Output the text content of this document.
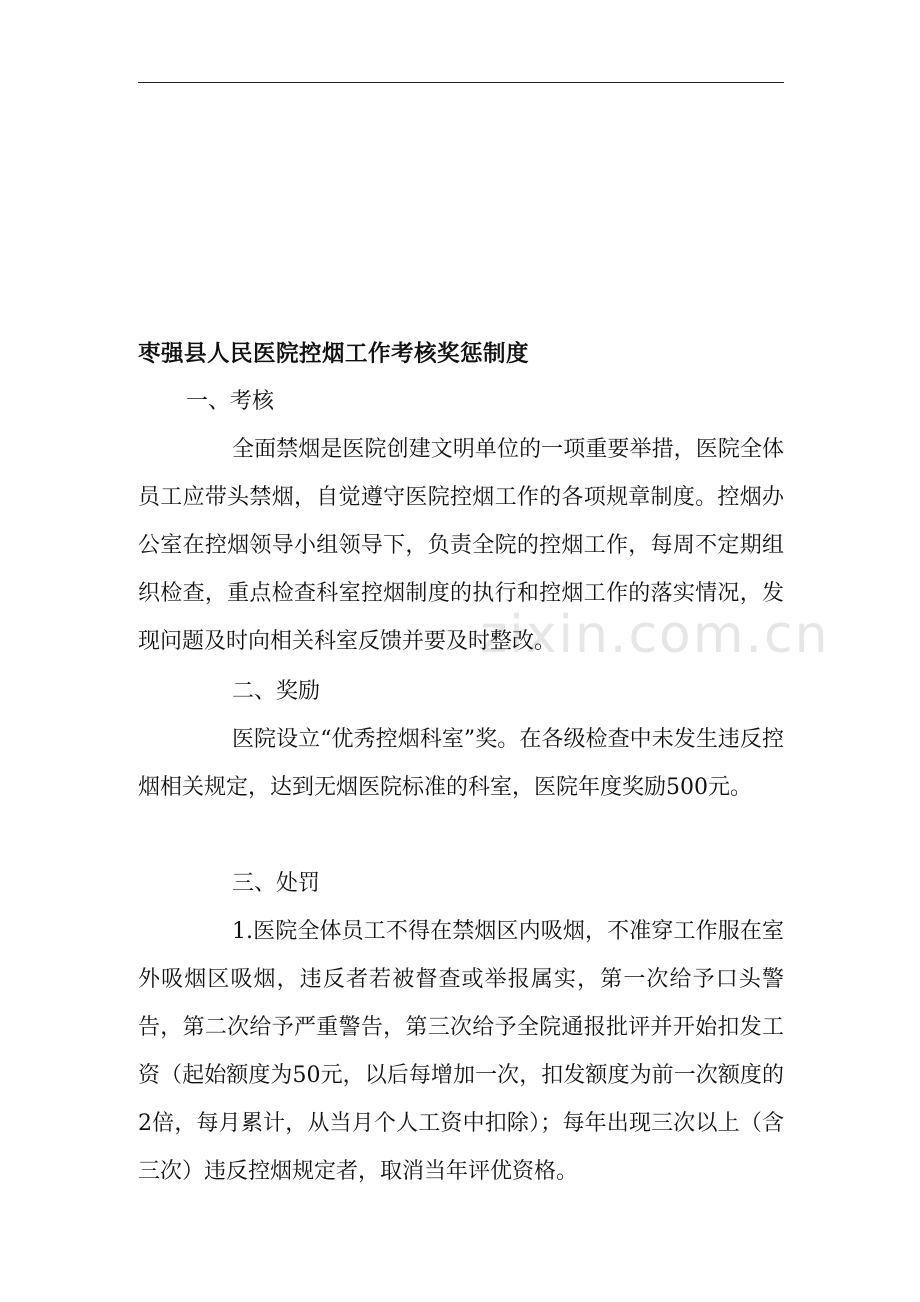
zixin.com.cn
枣强县人民医院控烟工作考核奖惩制度
一、考核

全面禁烟是医院创建文明单位的一项重要举措，医院全体员工应带头禁烟，自觉遵守医院控烟工作的各项规章制度。控烟办公室在控烟领导小组领导下，负责全院的控烟工作，每周不定期组织检查，重点检查科室控烟制度的执行和控烟工作的落实情况，发现问题及时向相关科室反馈并要及时整改。

二、奖励

医院设立“优秀控烟科室”奖。在各级检查中未发生违反控烟相关规定，达到无烟医院标准的科室，医院年度奖励500元。

三、处罚

1.医院全体员工不得在禁烟区内吸烟，不准穿工作服在室外吸烟区吸烟，违反者若被督查或举报属实，第一次给予口头警告，第二次给予严重警告，第三次给予全院通报批评并开始扣发工资（起始额度为50元，以后每增加一次，扣发额度为前一次额度的2倍，每月累计，从当月个人工资中扣除）；每年出现三次以上（含三次）违反控烟规定者，取消当年评优资格。
